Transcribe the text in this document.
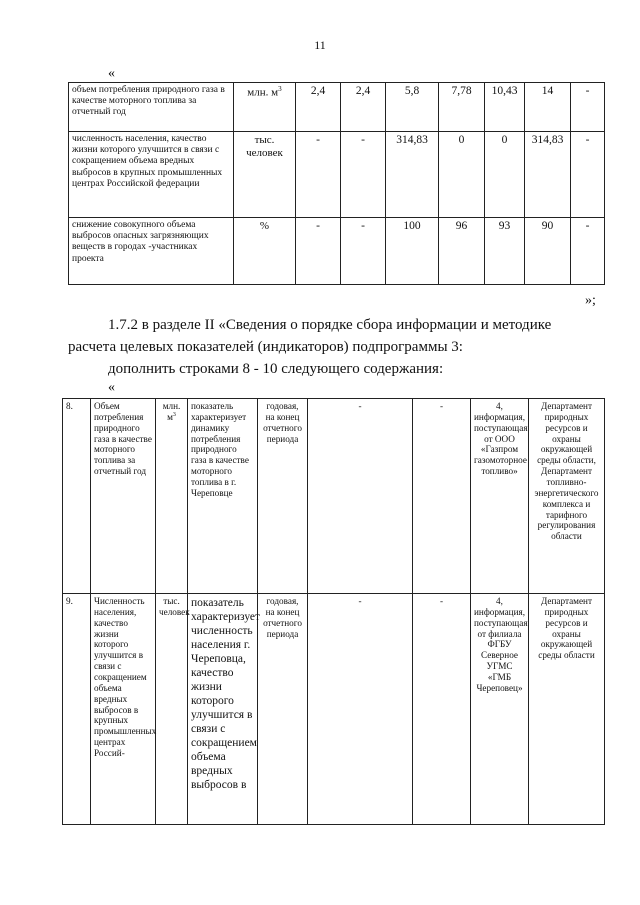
11
«
объем потребления природного газа в качестве моторного топлива за отчетный год	млн. $м^3$	2,4	2,4	5,8	7,78	10,43	14	-
численность населения, качество жизни которого улучшится в связи с сокращением объема вредных выбросов в крупных промышленных центрах Российской федерации	тыс. человек	-	-	314,83	0	0	314,83	-
снижение совокупного объема выбросов опасных загрязняющих веществ в городах -участниках проекта	%	-	-	100	96	93	90	-
»;
1.7.2 в разделе II «Сведения о порядке сбора информации и методике
расчета целевых показателей (индикаторов) подпрограммы 3:
дополнить строками 8 - 10 следующего содержания:
«
8.	Объем потребления природного газа в качестве моторного топлива за отчетный год	млн. $м^3$	показатель характеризует динамику потребления природного газа в качестве моторного топлива в г. Череповце	годовая, на конец отчетного периода	-	-	4, информация, поступающая от ООО «Газпром газомоторное топливо»	Департамент природных ресурсов и охраны окружающей среды области, Департамент топливно-энергетического комплекса и тарифного регулирования области
9.	Численность населения, качество жизни которого улучшится в связи с сокращением объема вредных выбросов в крупных промышленных центрах Россий-	тыс. человек	показатель характеризует численность населения г. Череповца, качество жизни которого улучшится в связи с сокращением объема вредных выбросов в	годовая, на конец отчетного периода	-	-	4, информация, поступающая от филиала ФГБУ Северное УГМС «ГМБ Череповец»	Департамент природных ресурсов и охраны окружающей среды области
